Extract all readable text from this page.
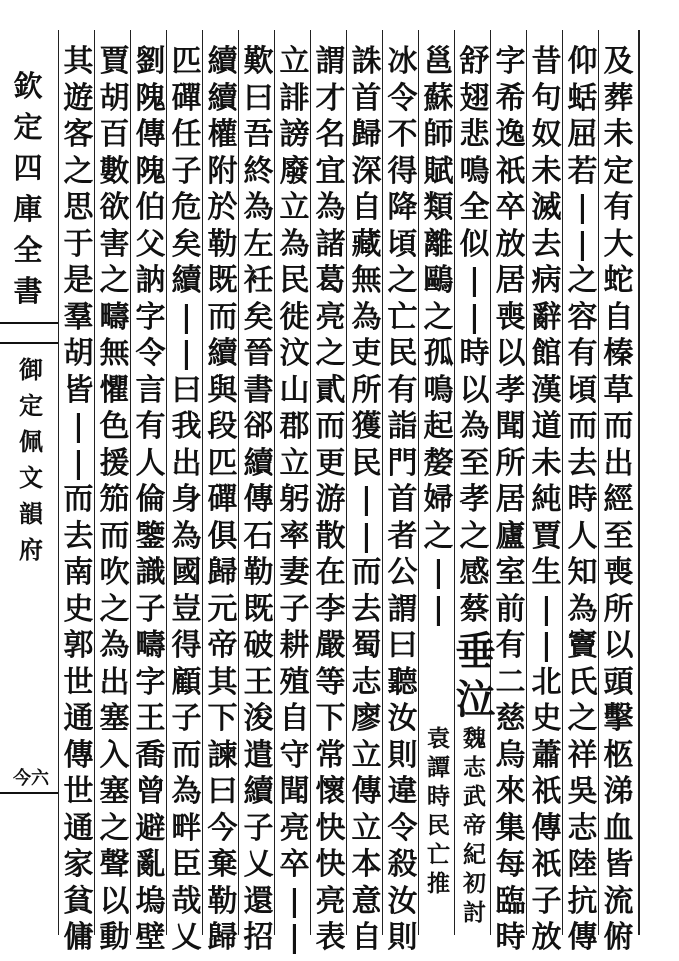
欽
定
四
庫
全
書
御
定
佩
文
韻
府
今六
及
葬
未
定
有
大
蛇
自
榛
草
而
出
經
至
喪
所
以
頭
擊
柩
涕
血
皆
流
俯
仰
蛞
屈
若
|
|
之
容
有
頃
而
去
時
人
知
為
竇
氏
之
祥
吳
志
陸
抗
傳
昔
句
奴
未
滅
去
病
辭
館
漢
道
未
純
賈
生
|
|
北
史
蕭
祇
傳
祇
子
放
字
希
逸
祇
卒
放
居
喪
以
孝
聞
所
居
廬
室
前
有
二
慈
烏
來
集
每
臨
時
舒
翅
悲
鳴
全
似
|
|
時
以
為
至
孝
之
感
蔡
垂
泣
魏
志
武
帝
紀
初
討
邕
蘇
師
賦
類
離
鷗
之
孤
鳴
起
嫠
婦
之
|
|
袁
譚
時
民
亡
推
冰
令
不
得
降
頃
之
亡
民
有
詣
門
首
者
公
謂
曰
聽
汝
則
違
令
殺
汝
則
誅
首
歸
深
自
藏
無
為
吏
所
獲
民
|
|
而
去
蜀
志
廖
立
傳
立
本
意
自
謂
才
名
宜
為
諸
葛
亮
之
貳
而
更
游
散
在
李
嚴
等
下
常
懷
快
快
亮
表
立
誹
謗
廢
立
為
民
徙
汶
山
郡
立
躬
率
妻
子
耕
殖
自
守
聞
亮
卒
|
|
歎
曰
吾
終
為
左
衽
矣
晉
書
郤
續
傳
石
勒
既
破
王
浚
遣
續
子
乂
還
招
續
續
權
附
於
勒
既
而
續
與
段
匹
磾
俱
歸
元
帝
其
下
諫
曰
今
棄
勒
歸
匹
磾
任
子
危
矣
續
|
|
曰
我
出
身
為
國
豈
得
顧
子
而
為
畔
臣
哉
乂
劉
隗
傳
隗
伯
父
訥
字
令
言
有
人
倫
鑒
識
子
疇
字
王
喬
曾
避
亂
塢
壁
賈
胡
百
數
欲
害
之
疇
無
懼
色
援
笳
而
吹
之
為
出
塞
入
塞
之
聲
以
動
其
遊
客
之
思
于
是
羣
胡
皆
|
|
而
去
南
史
郭
世
通
傳
世
通
家
貧
傭
